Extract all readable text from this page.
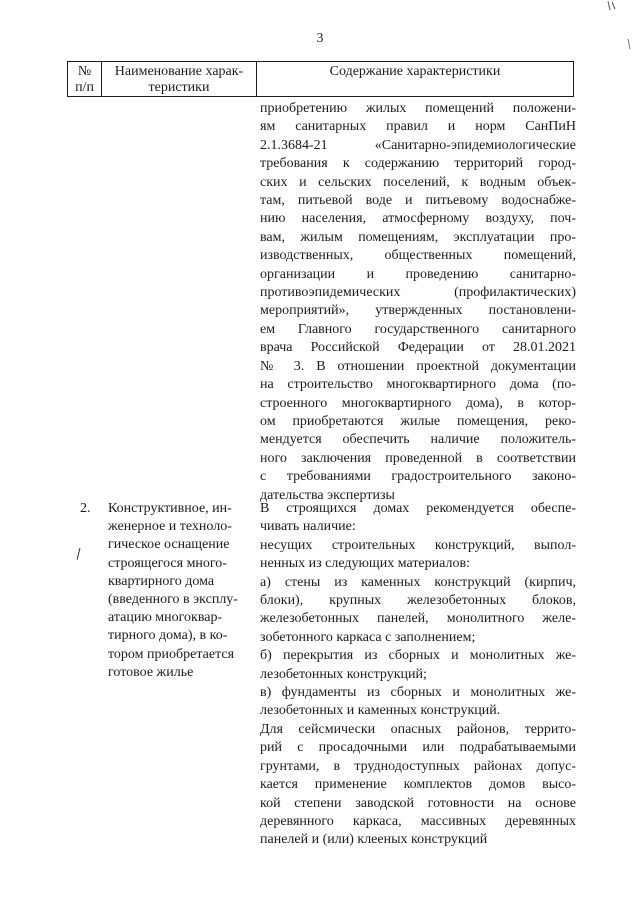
3
№
п/п
Наименование харак-
теристики
Содержание характеристики
приобретению жилых помещений положени-
ям санитарных правил и норм СанПиН
2.1.3684-21 «Санитарно-эпидемиологические
требования к содержанию территорий город-
ских и сельских поселений, к водным объек-
там, питьевой воде и питьевому водоснабже-
нию населения, атмосферному воздуху, поч-
вам, жилым помещениям, эксплуатации про-
изводственных, общественных помещений,
организации и проведению санитарно-
противоэпидемических (профилактических)
мероприятий», утвержденных постановлени-
ем Главного государственного санитарного
врача Российской Федерации от 28.01.2021
№ 3. В отношении проектной документации
на строительство многоквартирного дома (по-
строенного многоквартирного дома), в котор-
ом приобретаются жилые помещения, реко-
мендуется обеспечить наличие положитель-
ного заключения проведенной в соответствии
с требованиями градостроительного законо-
дательства экспертизы
2. Конструктивное, ин-
женерное и техноло-
гическое оснащение
строящегося много-
квартирного дома
(введенного в эксплу-
атацию многоквар-
тирного дома), в ко-
тором приобретается
готовое жилье
В строящихся домах рекомендуется обеспе-
чивать наличие:
несущих строительных конструкций, выпол-
ненных из следующих материалов:
а) стены из каменных конструкций (кирпич,
блоки), крупных железобетонных блоков,
железобетонных панелей, монолитного желе-
зобетонного каркаса с заполнением;
б) перекрытия из сборных и монолитных же-
лезобетонных конструкций;
в) фундаменты из сборных и монолитных же-
лезобетонных и каменных конструкций.
Для сейсмически опасных районов, террито-
рий с просадочными или подрабатываемыми
грунтами, в труднодоступных районах допус-
кается применение комплектов домов высо-
кой степени заводской готовности на основе
деревянного каркаса, массивных деревянных
панелей и (или) клееных конструкций
